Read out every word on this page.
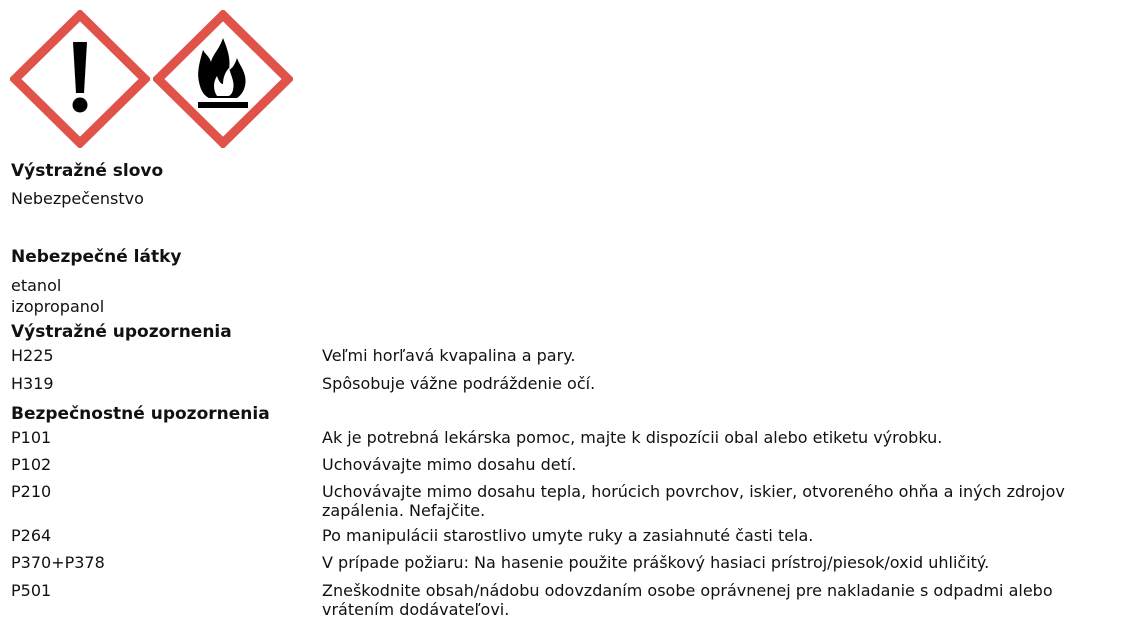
Výstražné slovo
Nebezpečenstvo
Nebezpečné látky
etanol
izopropanol
Výstražné upozornenia
H225	Veľmi horľavá kvapalina a pary.
H319	Spôsobuje vážne podráždenie očí.
Bezpečnostné upozornenia
P101	Ak je potrebná lekárska pomoc, majte k dispozícii obal alebo etiketu výrobku.
P102	Uchovávajte mimo dosahu detí.
P210	Uchovávajte mimo dosahu tepla, horúcich povrchov, iskier, otvoreného ohňa a iných zdrojov zapálenia. Nefajčite.
P264	Po manipulácii starostlivo umyte ruky a zasiahnuté časti tela.
P370+P378	V prípade požiaru: Na hasenie použite práškový hasiaci prístroj/piesok/oxid uhličitý.
P501	Zneškodnite obsah/nádobu odovzdaním osobe oprávnenej pre nakladanie s odpadmi alebo vrátením dodávateľovi.
